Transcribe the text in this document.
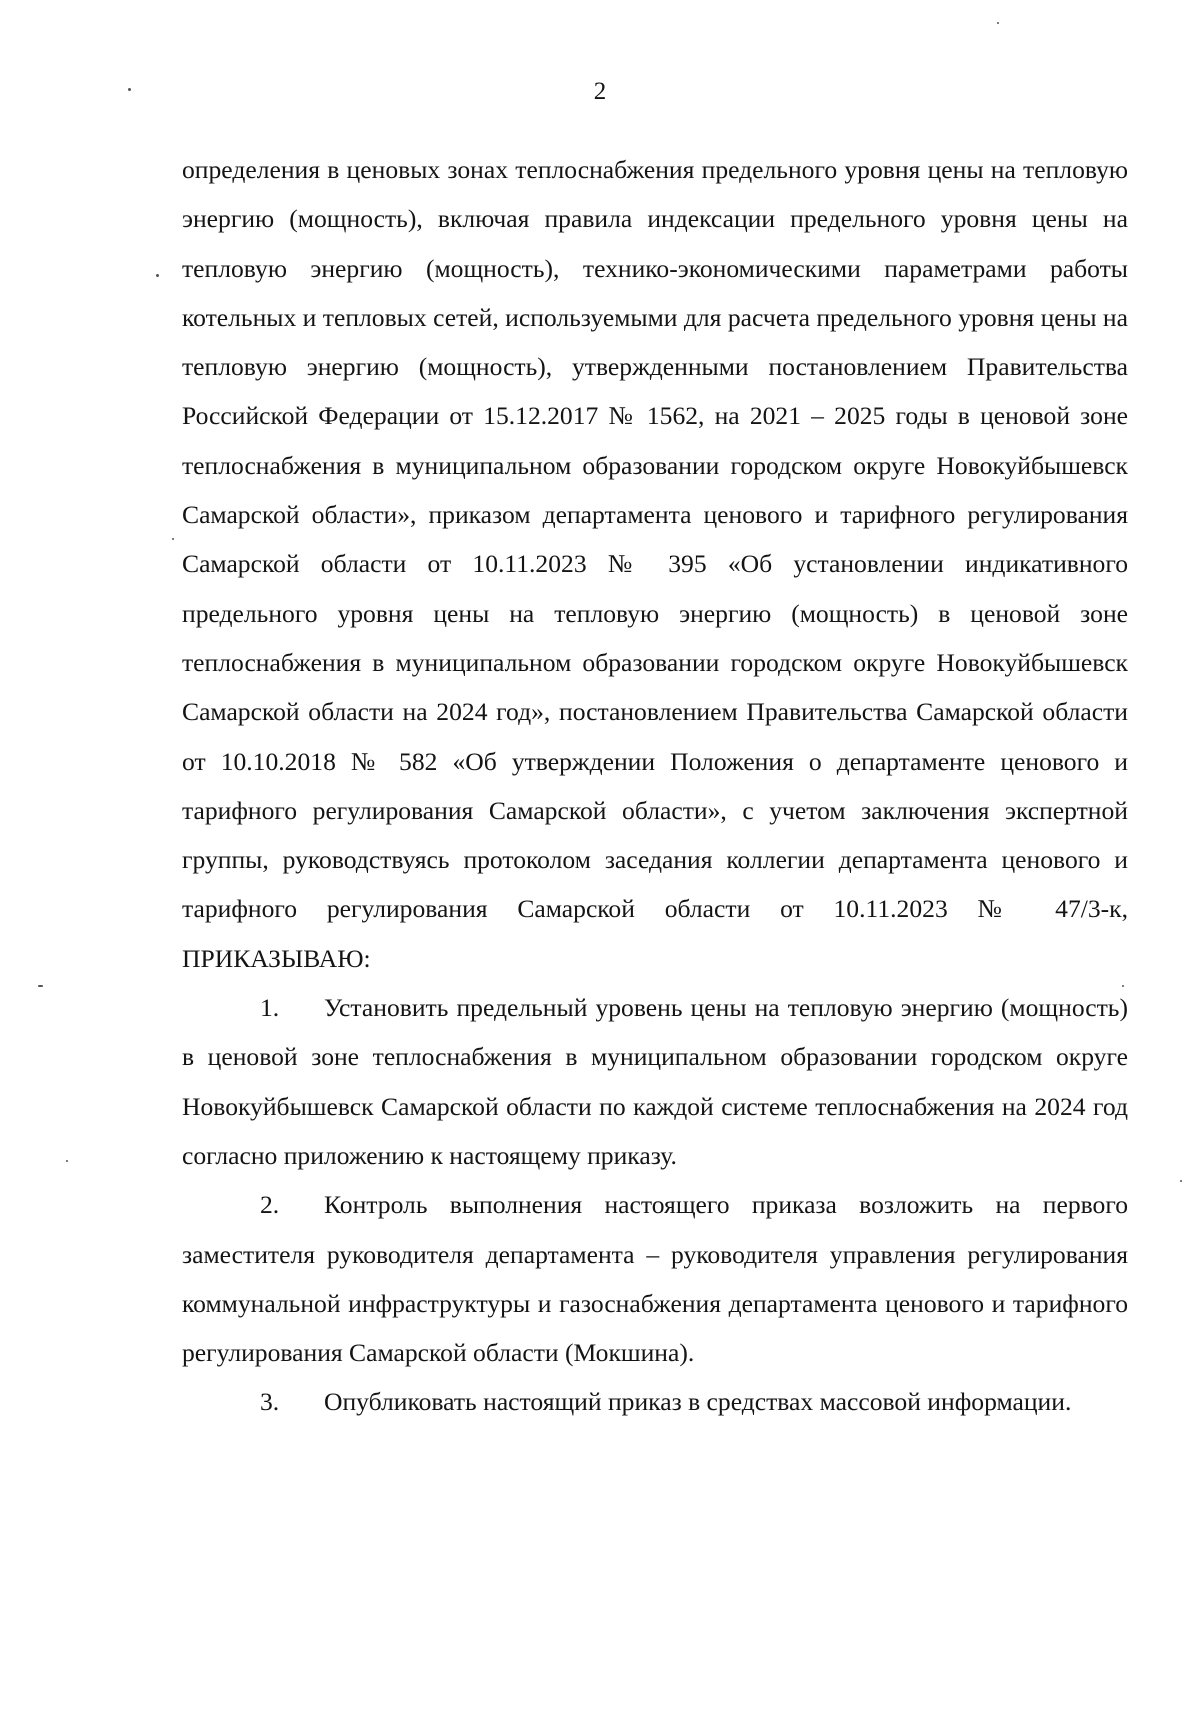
2

определения в ценовых зонах теплоснабжения предельного уровня цены на тепловую энергию (мощность), включая правила индексации предельного уровня цены на тепловую энергию (мощность), технико-экономическими параметрами работы котельных и тепловых сетей, используемыми для расчета предельного уровня цены на тепловую энергию (мощность), утвержденными постановлением Правительства Российской Федерации от 15.12.2017 № 1562, на 2021 – 2025 годы в ценовой зоне теплоснабжения в муниципальном образовании городском округе Новокуйбышевск Самарской области», приказом департамента ценового и тарифного регулирования Самарской области от 10.11.2023 № 395 «Об установлении индикативного предельного уровня цены на тепловую энергию (мощность) в ценовой зоне теплоснабжения в муниципальном образовании городском округе Новокуйбышевск Самарской области на 2024 год», постановлением Правительства Самарской области от 10.10.2018 № 582 «Об утверждении Положения о департаменте ценового и тарифного регулирования Самарской области», с учетом заключения экспертной группы, руководствуясь протоколом заседания коллегии департамента ценового и тарифного регулирования Самарской области от 10.11.2023 № 47/3-к, ПРИКАЗЫВАЮ:

1. Установить предельный уровень цены на тепловую энергию (мощность) в ценовой зоне теплоснабжения в муниципальном образовании городском округе Новокуйбышевск Самарской области по каждой системе теплоснабжения на 2024 год согласно приложению к настоящему приказу.

2. Контроль выполнения настоящего приказа возложить на первого заместителя руководителя департамента – руководителя управления регулирования коммунальной инфраструктуры и газоснабжения департамента ценового и тарифного регулирования Самарской области (Мокшина).

3. Опубликовать настоящий приказ в средствах массовой информации.
